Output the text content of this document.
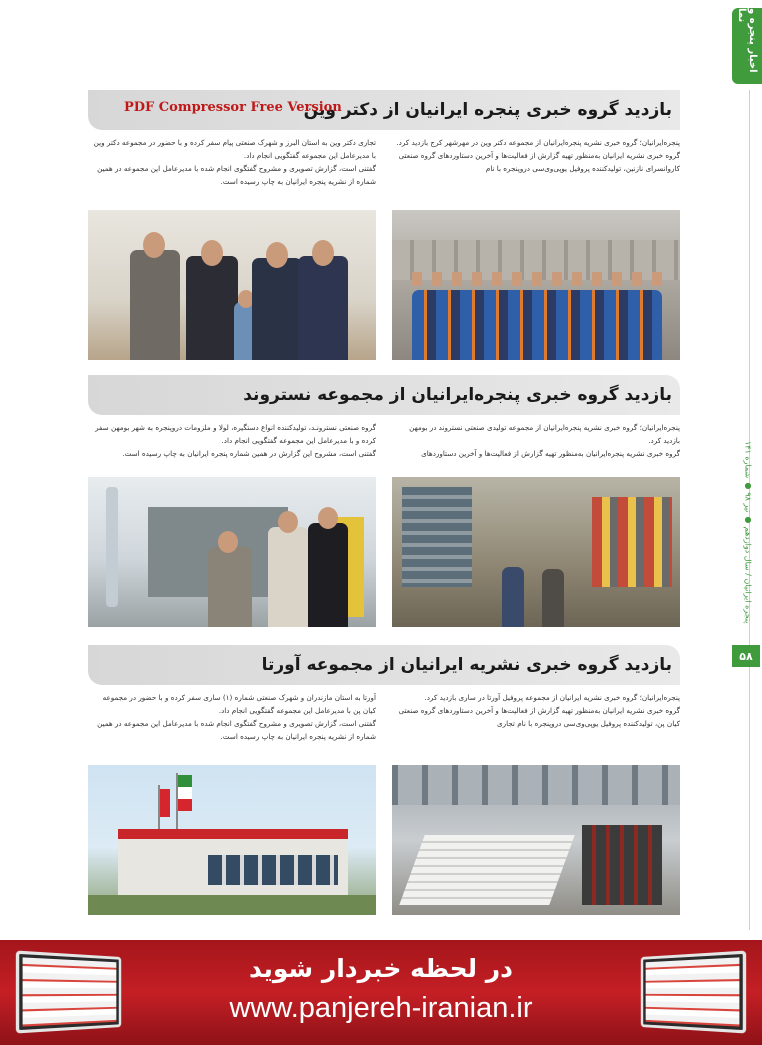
اخبار پنجره و نما
پنجره ایرانیان / سال دوازدهم ● تیر ۹۸ ● شماره ۱۴۱
۵۸
PDF Compressor Free Version
بازدید گروه خبری پنجره ایرانیان از دکتر وین

تجاری دکتر وین به استان البرز و شهرک صنعتی پیام سفر کرده و با حضور در مجموعه دکتر وین با مدیرعامل این مجموعه گفتگویی انجام داد.

گفتنی است، گزارش تصویری و مشروح گفتگوی انجام شده با مدیرعامل این مجموعه در همین شماره از نشریه پنجره ایرانیان به چاپ رسیده است.

پنجره‌ایرانیان؛ گروه خبری نشریه پنجره‌ایرانیان از مجموعه دکتر وین در مهرشهر کرج بازدید کرد.

گروه خبری نشریه ایرانیان به‌منظور تهیه گزارش از فعالیت‌ها و آخرین دستاوردهای گروه صنعتی کاروانسرای نازنین، تولیدکننده پروفیل یو‌پی‌وی‌سی دروپنجره با نام

بازدید گروه خبری پنجره‌ایرانیان از مجموعه نستروند

گروه صنعتی نسترونـد، تولیدکننده انواع دستگیره، لولا و ملزومات درو‌پنجره به شهر بومهن سفر کرده و با مدیرعامل این مجموعه گفتگویی انجام داد.

گفتنی است، مشروح این گزارش در همین شماره پنجره ایرانیان به چاپ رسیده است.

پنجره‌ایرانیان؛ گروه خبری نشریه پنجره‌ایرانیان از مجموعه تولیدی صنعتی نستروند در بومهن بازدید کرد.

گروه خبری نشریه پنجره‌ایرانیان به‌منظور تهیه گزارش از فعالیت‌ها و آخرین دستاوردهای

بازدید گروه خبری نشریه ایرانیان از مجموعه آورتا

آورتا به استان مازندران و شهرک صنعتی شماره (۱) ساری سفر کرده و با حضور در مجموعه کیان پن با مدیرعامل این مجموعه گفتگویی انجام داد.

گفتنی است، گزارش تصویری و مشروح گفتگوی انجام شده با مدیرعامل این مجموعه در همین شماره از نشریه پنجره ایرانیان به چاپ رسیده است.

پنجره‌ایرانیان؛ گروه خبری نشریه ایرانیان از مجموعه پروفیل آورتا در ساری بازدید کرد.

گروه خبری نشریه ایرانیان به‌منظور تهیه گزارش از فعالیت‌ها و آخرین دستاوردهای گروه صنعتی کیان پن، تولیدکننده پروفیل یو‌پی‌وی‌سی دروپنجره با نام تجاری

در لحظه خبردار شوید
www.panjereh-iranian.ir
